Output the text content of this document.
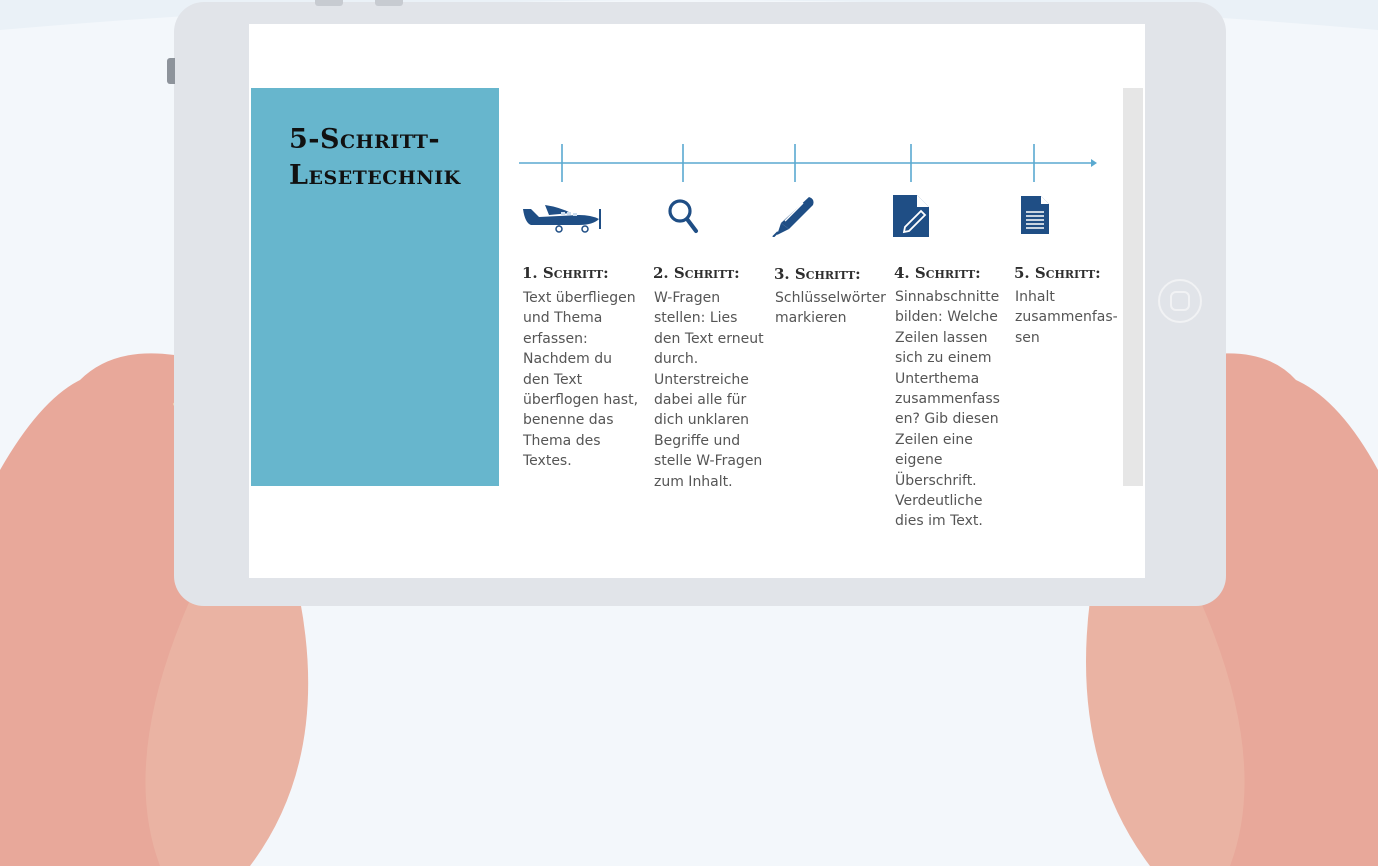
5-Schritt-
Lesetechnik
1. Schritt:
Text überfliegen
und Thema
erfassen:
Nachdem du
den Text
überflogen hast,
benenne das
Thema des
Textes.
2. Schritt:
W-Fragen
stellen: Lies
den Text erneut
durch.
Unterstreiche
dabei alle für
dich unklaren
Begriffe und
stelle W-Fragen
zum Inhalt.
3. Schritt:
Schlüsselwörter
markieren
4. Schritt:
Sinnabschnitte
bilden: Welche
Zeilen lassen
sich zu einem
Unterthema
zusammenfass
en? Gib diesen
Zeilen eine
eigene
Überschrift.
Verdeutliche
dies im Text.
5. Schritt:
Inhalt
zusammenfas-
sen
